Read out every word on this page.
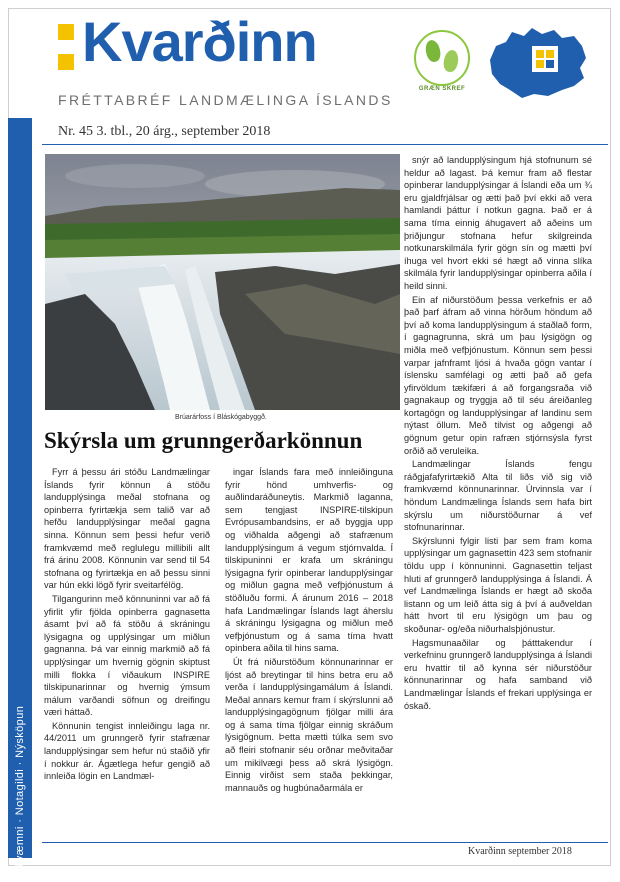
Kvarðinn
FRÉTTABRÉF LANDMÆLINGA ÍSLANDS
GRÆN SKREF
Nr. 45 3. tbl., 20 árg., september 2018
Nákvæmni · Notagildi · Nýsköpun
Brúarárfoss í Bláskógabyggð.
Skýrsla um grunngerðarkönnun

Fyrr á þessu ári stóðu Landmælingar Íslands fyrir könnun á stöðu landupplýsinga meðal stofnana og opinberra fyrirtækja sem talið var að hefðu landupplýsingar meðal gagna sinna. Könnun sem þessi hefur verið framkvæmd með reglulegu millibili allt frá árinu 2008. Könnunin var send til 54 stofnana og fyrirtækja en að þessu sinni var hún ekki lögð fyrir sveitarfélög.

Tilgangurinn með könnuninni var að fá yfirlit yfir fjölda opinberra gagnasetta ásamt því að fá stöðu á skráningu lýsigagna og upplýsingar um miðlun gagnanna. Þá var einnig markmið að fá upplýsingar um hvernig gögnin skiptust milli flokka í viðaukum INSPIRE tilskipunarinnar og hvernig ýmsum málum varðandi söfnun og dreifingu væri háttað.

Könnunin tengist innleiðingu laga nr. 44/2011 um grunngerð fyrir stafrænar landupplýsingar sem hefur nú staðið yfir í nokkur ár. Ágætlega hefur gengið að innleiða lögin en Landmæl-

ingar Íslands fara með innleiðinguna fyrir hönd umhverfis- og auðlindaráðuneytis. Markmið laganna, sem tengjast INSPIRE-tilskipun Evrópusambandsins, er að byggja upp og viðhalda aðgengi að stafrænum landupplýsingum á vegum stjórnvalda. Í tilskipuninni er krafa um skráningu lýsigagna fyrir opinberar landupplýsingar og miðlun gagna með vefþjónustum á stöðluðu formi. Á árunum 2016 – 2018 hafa Landmælingar Íslands lagt áherslu á skráningu lýsigagna og miðlun með vefþjónustum og á sama tíma hvatt opinbera aðila til hins sama.

Út frá niðurstöðum könnunarinnar er ljóst að breytingar til hins betra eru að verða í landupplýsingamálum á Íslandi. Meðal annars kemur fram í skýrslunni að landupplýsingagögnum fjölgar milli ára og á sama tíma fjölgar einnig skráðum lýsigögnum. Þetta mætti túlka sem svo að fleiri stofnanir séu orðnar meðvitaðar um mikilvægi þess að skrá lýsigögn. Einnig virðist sem staða þekkingar, mannauðs og hugbúnaðarmála er

snýr að landupplýsingum hjá stofnunum sé heldur að lagast. Þá kemur fram að flestar opinberar landupplýsingar á Íslandi eða um ¾ eru gjaldfrjálsar og ætti það því ekki að vera hamlandi þáttur í notkun gagna. Það er á sama tíma einnig áhugavert að aðeins um þriðjungur stofnana hefur skilgreinda notkunarskilmála fyrir gögn sín og mætti því íhuga vel hvort ekki sé hægt að vinna slíka skilmála fyrir landupplýsingar opinberra aðila í heild sinni.

Ein af niðurstöðum þessa verkefnis er að það þarf áfram að vinna hörðum höndum að því að koma landupplýsingum á staðlað form, í gagnagrunna, skrá um þau lýsigögn og miðla með vefþjónustum. Könnun sem þessi varpar jafnframt ljósi á hvaða gögn vantar í íslensku samfélagi og ætti það að gefa yfirvöldum tækifæri á að forgangsraða við gagnakaup og tryggja að til séu áreiðanleg kortagögn og landupplýsingar af landinu sem nýtast öllum. Með tilvist og aðgengi að gögnum getur opin rafræn stjórnsýsla fyrst orðið að veruleika.

Landmælingar Íslands fengu ráðgjafafyrirtækið Alta til liðs við sig við framkvæmd könnunarinnar. Úrvinnsla var í höndum Landmælinga Íslands sem hafa birt skýrslu um niðurstöðurnar á vef stofnunarinnar.

Skýrslunni fylgir listi þar sem fram koma upplýsingar um gagnasettin 423 sem stofnanir töldu upp í könnuninni. Gagnasettin teljast hluti af grunngerð landupplýsinga á Íslandi. Á vef Landmælinga Íslands er hægt að skoða listann og um leið átta sig á því á auðveldan hátt hvort til eru lýsigögn um þau og skoðunar- og/eða niðurhalsþjónustur.

Hagsmunaaðilar og þátttakendur í verkefninu grunngerð landupplýsinga á Íslandi eru hvattir til að kynna sér niðurstöður könnunarinnar og hafa samband við Landmælingar Íslands ef frekari upplýsinga er óskað.

Kvarðinn september 2018
